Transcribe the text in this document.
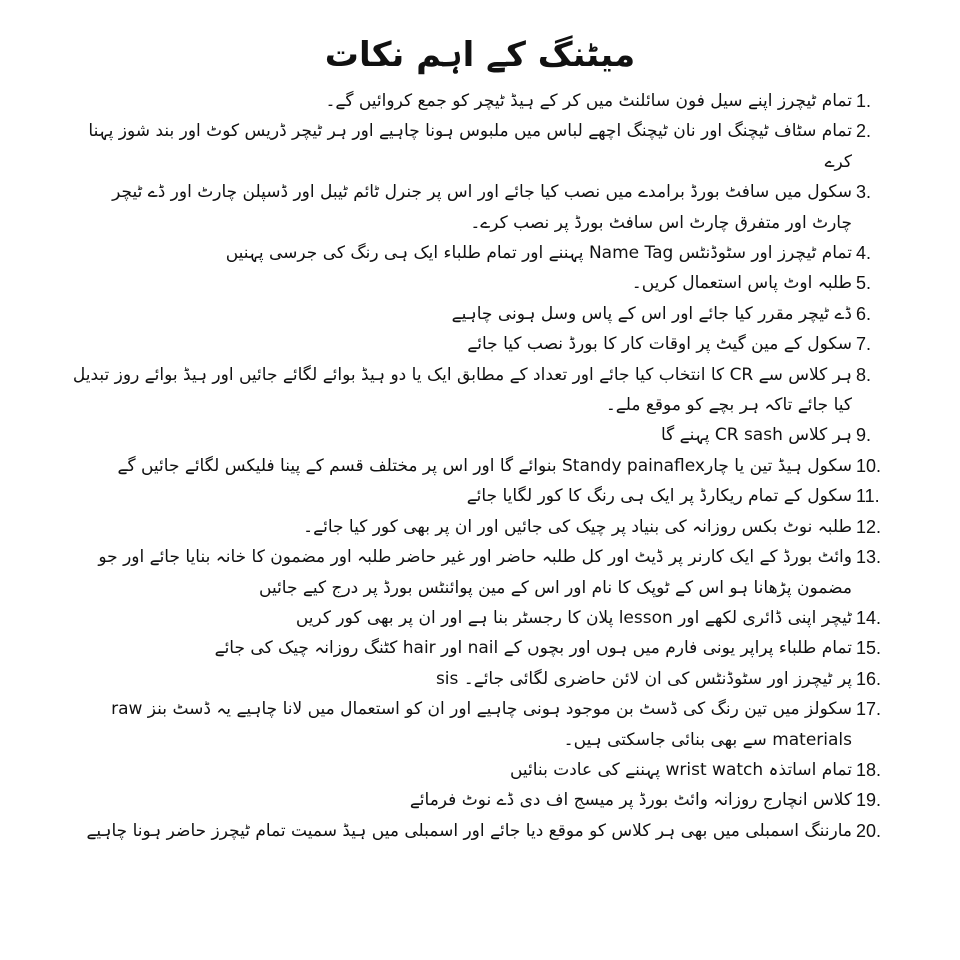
میٹنگ کے اہم نکات
1.
تمام ٹیچرز اپنے سیل فون سائلنٹ میں کر کے ہیڈ ٹیچر کو جمع کروائیں گے۔
2.
تمام سٹاف ٹیچنگ اور نان ٹیچنگ اچھے لباس میں ملبوس ہونا چاہیے اور ہر ٹیچر ڈریس کوٹ اور بند شوز پہنا کرے
3.
سکول میں سافٹ بورڈ برامدے میں نصب کیا جائے اور اس پر جنرل ٹائم ٹیبل اور ڈسپلن چارٹ اور ڈے ٹیچر چارٹ اور متفرق چارٹ اس سافٹ بورڈ پر نصب کرے۔
4.
تمام ٹیچرز اور سٹوڈنٹس Name Tag پہننے اور تمام طلباء ایک ہی رنگ کی جرسی پہنیں
5.
طلبہ اوٹ پاس استعمال کریں۔
6.
ڈے ٹیچر مقرر کیا جائے اور اس کے پاس وسل ہونی چاہیے
7.
سکول کے مین گیٹ پر اوقات کار کا بورڈ نصب کیا جائے
8.
ہر کلاس سے CR کا انتخاب کیا جائے اور تعداد کے مطابق ایک یا دو ہیڈ بوائے لگائے جائیں اور ہیڈ بوائے روز تبدیل کیا جائے تاکہ ہر بچے کو موقع ملے۔
9.
ہر کلاس CR sash پہنے گا
10.
سکول ہیڈ تین یا چارStandy painaflex بنوائے گا اور اس پر مختلف قسم کے پینا فلیکس لگائے جائیں گے
11.
سکول کے تمام ریکارڈ پر ایک ہی رنگ کا کور لگایا جائے
12.
طلبہ نوٹ بکس روزانہ کی بنیاد پر چیک کی جائیں اور ان پر بھی کور کیا جائے۔
13.
وائٹ بورڈ کے ایک کارنر پر ڈیٹ اور کل طلبہ حاضر اور غیر حاضر طلبہ اور مضمون کا خانہ بنایا جائے اور جو مضمون پڑھانا ہو اس کے ٹوپک کا نام اور اس کے مین پوائنٹس بورڈ پر درج کیے جائیں
14.
ٹیچر اپنی ڈائری لکھے اور lesson پلان کا رجسٹر بنا ہے اور ان پر بھی کور کریں
15.
تمام طلباء پراپر یونی فارم میں ہوں اور بچوں کے nail اور hair کٹنگ روزانہ چیک کی جائے
16.
sis پر ٹیچرز اور سٹوڈنٹس کی ان لائن حاضری لگائی جائے۔
17.
سکولز میں تین رنگ کی ڈسٹ بن موجود ہونی چاہیے اور ان کو استعمال میں لانا چاہیے یہ ڈسٹ بنز raw materials سے بھی بنائی جاسکتی ہیں۔
18.
تمام اساتذہ wrist watch پہننے کی عادت بنائیں
19.
کلاس انچارج روزانہ وائٹ بورڈ پر میسج اف دی ڈے نوٹ فرمائے
20.
مارننگ اسمبلی میں بھی ہر کلاس کو موقع دیا جائے اور اسمبلی میں ہیڈ سمیت تمام ٹیچرز حاضر ہونا چاہیے
